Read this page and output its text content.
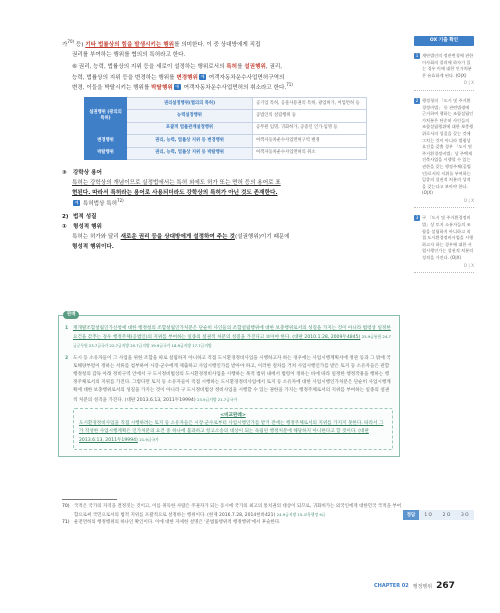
가$^{70)}$ 등) 기타 법률상의 힘을 발생시키는 행위를 의미한다. 이 중 상대방에게 직접

권리를 부여하는 행위를 협의의 특허라고 한다.

⑥ 권리, 능력, 법률상의 지위 등을 새로이 설정하는 행위로서의 특허를 설권행위, 권리,

능력, 법률상의 지위 등을 변경하는 행위를 변경행위 예 여객자동차운수사업면허구역의

변경, 이들을 박탈시키는 행위를 박탈행위 예 여객자동차운수사업면허의 취소라고 한다.$^{71)}$

설권행위 (광의의 특허)	권리설정행위(협의의 특허)	공기업 특허, 공물사용권의 특허, 광업허가, 어업면허 등
	능력설정행위	공법인의 설립행위 등
	포괄적 법률관계설정행위	공무원 임명, 귀화허가, 공증인 인가·임명 등
변경행위	권리, 능력, 법률상 지위 등 변경행위	여객자동차운수사업면허구역 변경
박탈행위	권리, 능력, 법률상 지위 등 박탈행위	여객자동차운수사업면허의 취소

③ 강학상 용어

특허는 강학상의 개념이므로 실정법에서는 특허 외에도 허가 또는 면허 등의 용어로 표

현된다. 따라서 특허라는 용어로 사용되더라도 강학상의 특허가 아닌 것도 존재한다.

예 특허법상 특허$^{72)}$

2) 법적 성질

① 형성적 행위

특허는 허가와 달리 새로운 권리 등을 상대방에게 설정하여 주는 것(설권행위)이기 때문에

형성적 행위이다.

판례
1	재개발조합설립인가신청에 대한 행정청의 조합설립인가처분은 단순히 사인들의 조합설립행위에 대한 보충행위로서의 성질을 가지는 것이 아니라 법령상 일정한 요건을 갖추는 경우 행정주체(공법인)의 지위를 부여하는 일종의 설권적 처분의 성질을 가진다고 보아야 한다. (대판 2010.1.28, 2009두4845) 25.9급통합 24.7급군무원 23.7급국가 22.7급지방 20.7급지방 19.9급국가 18.9급지방 17.7급지방
2	도시 등 소유자들이 그 사업을 위한 조합을 따로 설립하지 아니하고 직접 도시환경정비사업을 시행하고자 하는 경우에는 사업시행계획서에 정관 등과 그 밖에 국토해양부령이 정하는 서류를 첨부하여 시장·군수에게 제출하고 사업시행인가를 받아야 하고, 이러한 절차를 거쳐 사업시행인가를 받은 토지 등 소유자들은 관할 행정청의 감독 아래 정비구역 안에서 구 도시정비법상의 도시환경정비사업을 시행하는 목적 범위 내에서 법령이 정하는 바에 따라 일정한 행정작용을 행하는 행정주체로서의 지위를 가진다. 그렇다면 토지 등 소유자들이 직접 시행하는 도시환경정비사업에서 토지 등 소유자에 대한 사업시행인가처분은 단순히 사업시행계획에 대한 보충행위로서의 성질을 가지는 것이 아니라 구 도시정비법상 정비사업을 시행할 수 있는 권한을 가지는 행정주체로서의 지위를 부여하는 일종의 설권적 처분의 성격을 가진다. (대판 2013.6.13, 2011두19994) 23.9급지방 21.7급국가
<비교판례>
도시환경정비사업을 직접 시행하려는 토지 등 소유자들은 시장·군수로부터 사업시행인가를 받기 전에는 행정주체로서의 지위를 가지지 못한다. 따라서 그가 작성한 사업시행계획은 인가처분의 요건 중 하나에 불과하고 항고소송의 대상이 되는 독립된 행정처분에 해당하지 아니한다고 할 것이다. (대판 2013.6.13, 2011두19994) 21.9급국가
70)	국적은 국가의 자격을 결정짓는 것이고, 이를 취득한 사람은 주권자가 되는 동시에 국가의 최고의 통치권의 대상이 되므로, 귀화허가는 외국인에게 대한민국 국적을 부여함으로써 국민으로서의 법적 지위를 포괄적으로 설정하는 행위이다. (현재 2016.7.28, 2014헌바421) 24.9급지방 15.교육행정 9급
71)	운전면허의 행정행위의 하나인 확인이다. 이에 대한 자세한 설명은 '준법률행위적 행정행위'에서 후술한다.
OX 기출 확인
1 재단법인의 정관변경에 관한 이사회의 결의에 하자가 있는 경우 이에 대한 인가처분은 유효하게 된다. (O|X)
O | X
2 행정청의 「도시 및 주거환경정비법」 등 관련법령에 근거하여 행하는 조합설립인가처분은 단순히 사인들의 조합설립행위에 대한 보충행위로서의 성질을 갖는 것에 그치는 것이 아니라 법령상 요건을 갖출 경우 「도시 및 주거환경정비법」상 주택재건축사업을 시행할 수 있는 권한을 갖는 행정주체(공법인)로서의 지위를 부여하는 일종의 설권적 처분의 성격을 갖는다고 보아야 한다. (O|X)
O | X
3 구 「도시 및 주거환경정비법」상 토지 소유자들의 조합을 설립하지 아니하고 직접 도시환경정비사업을 시행하고자 하는 경우에 대한 사업시행인가는 설권적 처분의 성격을 가진다. (O|X)
O | X
정답	1 O 2 O 3 O
CHAPTER 02 행정행위 267
